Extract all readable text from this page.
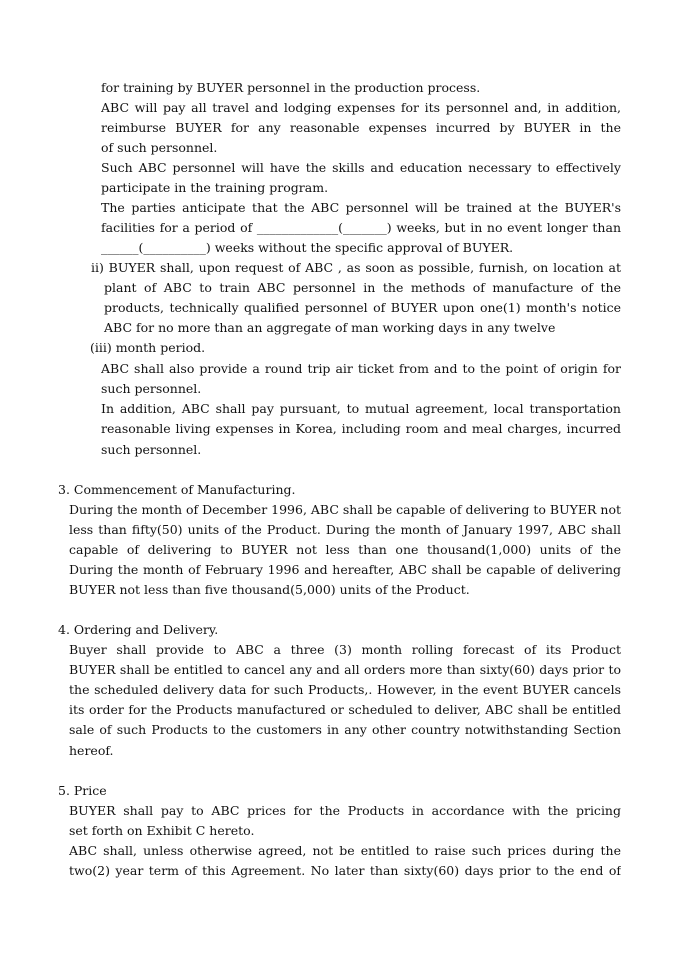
for training by BUYER personnel in the production process.
ABC will pay all travel and lodging expenses for its personnel and, in addition,
reimburse BUYER for any reasonable expenses incurred by BUYER in the
of such personnel.
Such ABC personnel will have the skills and education necessary to effectively
participate in the training program.
The parties anticipate that the ABC personnel will be trained at the BUYER's
facilities for a period of _____________(_______) weeks, but in no event longer than
______(__________) weeks without the specific approval of BUYER.
ii) BUYER shall, upon request of ABC , as soon as possible, furnish, on location at
plant of ABC to train ABC personnel in the methods of manufacture of the
products, technically qualified personnel of BUYER upon one(1) month's notice
ABC for no more than an aggregate of man working days in any twelve
(iii) month period.
ABC shall also provide a round trip air ticket from and to the point of origin for
such personnel.
In addition, ABC shall pay pursuant, to mutual agreement, local transportation
reasonable living expenses in Korea, including room and meal charges, incurred
such personnel.
3. Commencement of Manufacturing.
During the month of December 1996, ABC shall be capable of delivering to BUYER not
less than fifty(50) units of the Product. During the month of January 1997, ABC shall
capable of delivering to BUYER not less than one thousand(1,000) units of the
During the month of February 1996 and hereafter, ABC shall be capable of delivering
BUYER not less than five thousand(5,000) units of the Product.
4. Ordering and Delivery.
Buyer shall provide to ABC a three (3) month rolling forecast of its Product
BUYER shall be entitled to cancel any and all orders more than sixty(60) days prior to
the scheduled delivery data for such Products,. However, in the event BUYER cancels
its order for the Products manufactured or scheduled to deliver, ABC shall be entitled
sale of such Products to the customers in any other country notwithstanding Section
hereof.
5. Price
BUYER shall pay to ABC prices for the Products in accordance with the pricing
set forth on Exhibit C hereto.
ABC shall, unless otherwise agreed, not be entitled to raise such prices during the
two(2) year term of this Agreement. No later than sixty(60) days prior to the end of
